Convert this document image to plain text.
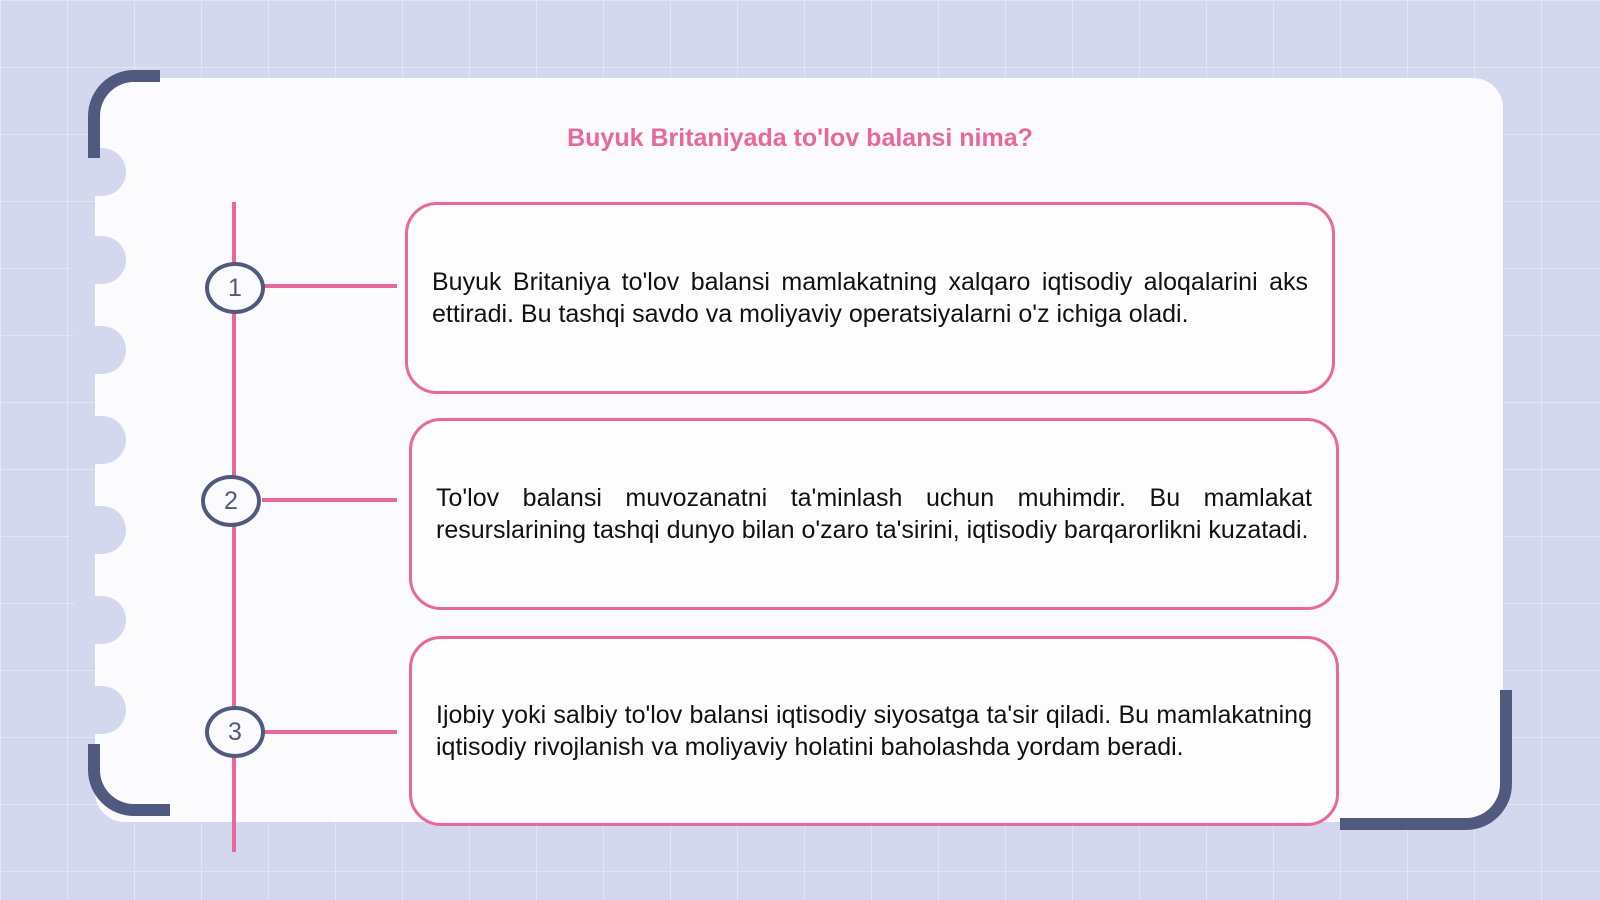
Buyuk Britaniyada to'lov balansi nima?
1	Buyuk Britaniya to'lov balansi mamlakatning xalqaro iqtisodiy aloqalarini aks ettiradi. Bu tashqi savdo va moliyaviy operatsiyalarni o'z ichiga oladi.

2	To'lov balansi muvozanatni ta'minlash uchun muhimdir. Bu mamlakat resurslarining tashqi dunyo bilan o'zaro ta'sirini, iqtisodiy barqarorlikni kuzatadi.

3

Ijobiy yoki salbiy to'lov balansi iqtisodiy siyosatga ta'sir qiladi. Bu mamlakatning iqtisodiy rivojlanish va moliyaviy holatini baholashda yordam beradi.
